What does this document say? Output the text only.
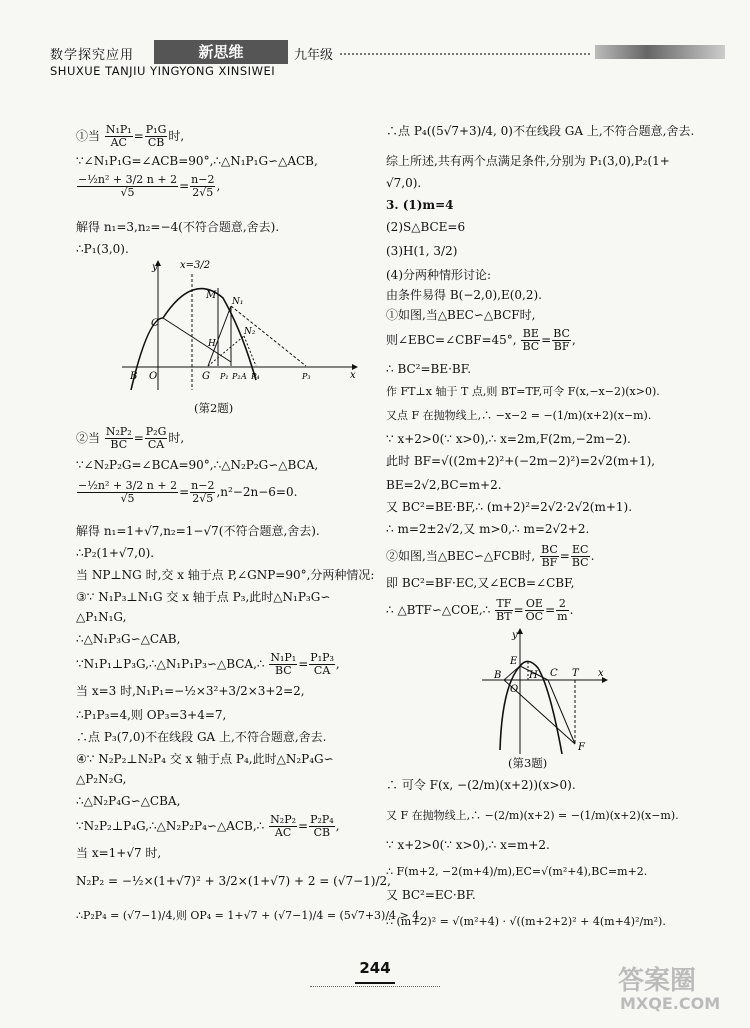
数学探究应用	新思维	九年级
SHUXUE TANJIU YINGYONG XINSIWEI
①当 $\frac{\text{N₁P₁}}{AC} = \frac{\text{P₁G}}{CB}$ 时,
∵∠N₁P₁G=∠ACB=90°,∴△N₁P₁G∽△ACB,
$\frac{\text{−½n² + 3/2 n + 2}}{√5} = \frac{n-2}{2√5}$ ,
解得 n₁=3,n₂=−4(不符合题意,舍去).
∴P₁(3,0).
y
x
x=3/2
M
C
N₁
H
N₂
B O	G P₁ P₂ A P₄	P₃
(第2题)
②当 $\frac{\text{N₂P₂}}{BC} = \frac{\text{P₂G}}{CA}$ 时,
∵∠N₂P₂G=∠BCA=90°,∴△N₂P₂G∽△BCA,
$\frac{\text{−½n² + 3/2 n + 2}}{√5} = \frac{n-2}{2√5} ,n^2-2n-6=0$.
解得 n₁=1+√7,n₂=1−√7(不符合题意,舍去).
∴P₂(1+√7,0).
当 NP⊥NG 时,交 x 轴于点 P,∠GNP=90°,分两种情况:
③∵ N₁P₃⊥N₁G 交 x 轴于点 P₃,此时△N₁P₃G∽
△P₁N₁G,
∴△N₁P₃G∽△CAB,
∵N₁P₁⊥P₃G,∴△N₁P₁P₃∽△BCA,∴ $\frac{\text{N₁P₁}}{BC} = \frac{\text{P₁P₃}}{CA}$ ,
当 x=3 时,N₁P₁=−½×3²+3/2×3+2=2,
∴P₁P₃=4,则 OP₃=3+4=7,
∴点 P₃(7,0)不在线段 GA 上,不符合题意,舍去.
④∵ N₂P₂⊥N₂P₄ 交 x 轴于点 P₄,此时△N₂P₄G∽
△P₂N₂G,
∴△N₂P₄G∽△CBA,
∵N₂P₂⊥P₄G,∴△N₂P₂P₄∽△ACB,∴ $\frac{\text{N₂P₂}}{AC} = \frac{\text{P₂P₄}}{CB}$ ,
当 x=1+√7 时,
N₂P₂ = −½×(1+√7)² + 3/2×(1+√7) + 2 = (√7−1)/2,
∴P₂P₄ = (√7−1)/4,则 OP₄ = 1+√7 + (√7−1)/4 = (5√7+3)/4 > 4,
∴点 P₄((5√7+3)/4, 0)不在线段 GA 上,不符合题意,舍去.
综上所述,共有两个点满足条件,分别为 P₁(3,0),P₂(1+
√7,0).
3. (1)m=4
(2)S△BCE=6
(3)H(1, 3/2)
(4)分两种情形讨论:
由条件易得 B(−2,0),E(0,2).
①如图,当△BEC∽△BCF时,
则∠EBC=∠CBF=45°, $\frac{BE}{BC} = \frac{BC}{BF}$ ,
∴ BC²=BE·BF.
作 FT⊥x 轴于 T 点,则 BT=TF,可令 F(x,−x−2)(x>0).
又点 F 在抛物线上,∴ −x−2 = −(1/m)(x+2)(x−m).
∵ x+2>0(∵ x>0),∴ x=2m,F(2m,−2m−2).
此时 BF=√((2m+2)²+(−2m−2)²)=2√2(m+1),
BE=2√2,BC=m+2.
又 BC²=BE·BF,∴ (m+2)²=2√2·2√2(m+1).
∴ m=2±2√2,又 m>0,∴ m=2√2+2.
②如图,当△BEC∽△FCB时, $\frac{BC}{BF} = \frac{EC}{BC}$ .
即 BC²=BF·EC,又∠ECB=∠CBF,
∴ △BTF∽△COE,∴ $\frac{TF}{BT} = \frac{OE}{OC} = \frac{2}{m}$ .
y
x
E
H
B
O
C T
F
(第3题)
∴ 可令 F(x, −(2/m)(x+2))(x>0).
又 F 在抛物线上,∴ −(2/m)(x+2) = −(1/m)(x+2)(x−m).
∵ x+2>0(∵ x>0),∴ x=m+2.
∴ F(m+2, −2(m+4)/m),EC=√(m²+4),BC=m+2.
又 BC²=EC·BF.
∴ (m+2)² = √(m²+4) · √((m+2+2)² + 4(m+4)²/m²).
244	答案圈
MXQE.COM
